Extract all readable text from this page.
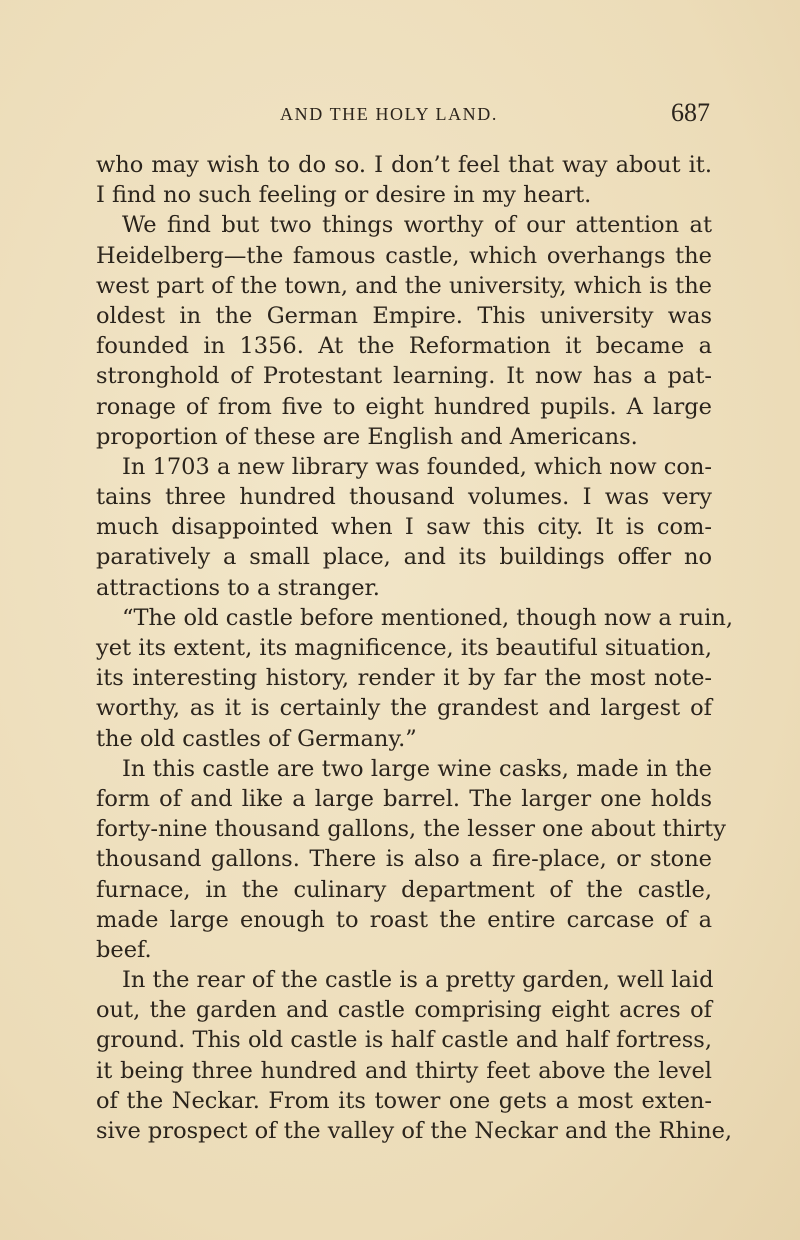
AND THE HOLY LAND.	687
who may wish to do so. I don’t feel that way about it.
I find no such feeling or desire in my heart.
We find but two things worthy of our attention at
Heidelberg—the famous castle, which overhangs the
west part of the town, and the university, which is the
oldest in the German Empire. This university was
founded in 1356. At the Reformation it became a
stronghold of Protestant learning. It now has a pat-
ronage of from five to eight hundred pupils. A large
proportion of these are English and Americans.
In 1703 a new library was founded, which now con-
tains three hundred thousand volumes. I was very
much disappointed when I saw this city. It is com-
paratively a small place, and its buildings offer no
attractions to a stranger.
“The old castle before mentioned, though now a ruin,
yet its extent, its magnificence, its beautiful situation,
its interesting history, render it by far the most note-
worthy, as it is certainly the grandest and largest of
the old castles of Germany.”
In this castle are two large wine casks, made in the
form of and like a large barrel. The larger one holds
forty-nine thousand gallons, the lesser one about thirty
thousand gallons. There is also a fire-place, or stone
furnace, in the culinary department of the castle,
made large enough to roast the entire carcase of a
beef.
In the rear of the castle is a pretty garden, well laid
out, the garden and castle comprising eight acres of
ground. This old castle is half castle and half fortress,
it being three hundred and thirty feet above the level
of the Neckar. From its tower one gets a most exten-
sive prospect of the valley of the Neckar and the Rhine,
